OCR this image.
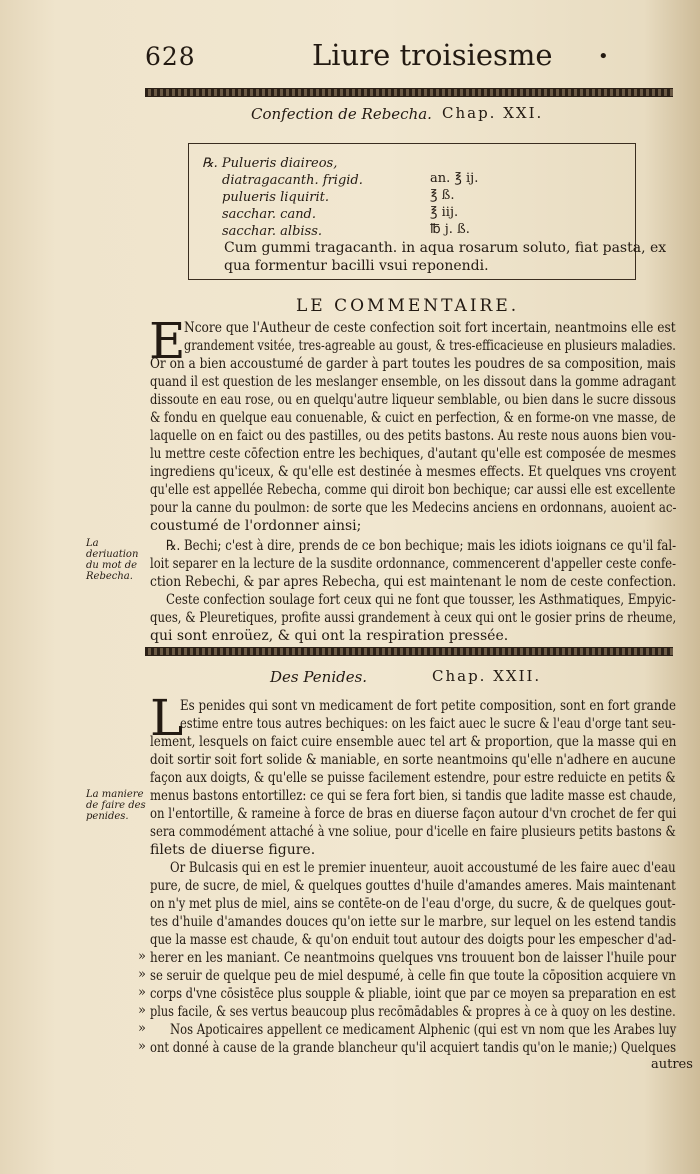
628	Liure troisiesme	•
Confection de Rebecha. Chap. XXI.
℞. Pulueris diaireos,
diatragacanth. frigid.	an. ℥ ij.
pulueris liquirit.	℥ ß.
sacchar. cand.	℥ iij.
sacchar. albiss.	℔ j. ß.
Cum gummi tragacanth. in aqua rosarum soluto, fiat pasta, ex
qua formentur bacilli vsui reponendi.
LE COMMENTAIRE.
E
Ncore que l'Autheur de ceste confection soit fort incertain, neantmoins elle est
grandement vsitée, tres-agreable au goust, & tres-efficacieuse en plusieurs maladies.
Or on a bien accoustumé de garder à part toutes les poudres de sa composition, mais
quand il est question de les meslanger ensemble, on les dissout dans la gomme adragant
dissoute en eau rose, ou en quelqu'autre liqueur semblable, ou bien dans le sucre dissous
& fondu en quelque eau conuenable, & cuict en perfection, & en forme-on vne masse, de
laquelle on en faict ou des pastilles, ou des petits bastons. Au reste nous auons bien vou-
lu mettre ceste cōfection entre les bechiques, d'autant qu'elle est composée de mesmes
ingrediens qu'iceux, & qu'elle est destinée à mesmes effects. Et quelques vns croyent
qu'elle est appellée Rebecha, comme qui diroit bon bechique; car aussi elle est excellente
pour la canne du poulmon: de sorte que les Medecins anciens en ordonnans, auoient ac-
coustumé de l'ordonner ainsi;
℞. Bechi; c'est à dire, prends de ce bon bechique; mais les idiots ioignans ce qu'il fal-
loit separer en la lecture de la susdite ordonnance, commencerent d'appeller ceste confe-
ction Rebechi, & par apres Rebecha, qui est maintenant le nom de ceste confection.
Ceste confection soulage fort ceux qui ne font que tousser, les Asthmatiques, Empyic-
ques, & Pleuretiques, profite aussi grandement à ceux qui ont le gosier prins de rheume,
qui sont enroüez, & qui ont la respiration pressée.
La deriuation du mot de Rebecha.
Des Penides.	Chap. XXII.
L
Es penides qui sont vn medicament de fort petite composition, sont en fort grande
estime entre tous autres bechiques: on les faict auec le sucre & l'eau d'orge tant seu-
lement, lesquels on faict cuire ensemble auec tel art & proportion, que la masse qui en
doit sortir soit fort solide & maniable, en sorte neantmoins qu'elle n'adhere en aucune
façon aux doigts, & qu'elle se puisse facilement estendre, pour estre reduicte en petits &
menus bastons entortillez: ce qui se fera fort bien, si tandis que ladite masse est chaude,
on l'entortille, & rameine à force de bras en diuerse façon autour d'vn crochet de fer qui
sera commodément attaché à vne soliue, pour d'icelle en faire plusieurs petits bastons &
filets de diuerse figure.
Or Bulcasis qui en est le premier inuenteur, auoit accoustumé de les faire auec d'eau
pure, de sucre, de miel, & quelques gouttes d'huile d'amandes ameres. Mais maintenant
on n'y met plus de miel, ains se contēte-on de l'eau d'orge, du sucre, & de quelques gout-
tes d'huile d'amandes douces qu'on iette sur le marbre, sur lequel on les estend tandis
que la masse est chaude, & qu'on enduit tout autour des doigts pour les empescher d'ad-
herer en les maniant. Ce neantmoins quelques vns trouuent bon de laisser l'huile pour
se seruir de quelque peu de miel despumé, à celle fin que toute la cōposition acquiere vn
corps d'vne cōsistēce plus soupple & pliable, ioint que par ce moyen sa preparation en est
plus facile, & ses vertus beaucoup plus recōmādables & propres à ce à quoy on les destine.
Nos Apoticaires appellent ce medicament Alphenic (qui est vn nom que les Arabes luy
ont donné à cause de la grande blancheur qu'il acquiert tandis qu'on le manie;) Quelques
»
»
»
»
»
»
La maniere de faire des penides.
autres
